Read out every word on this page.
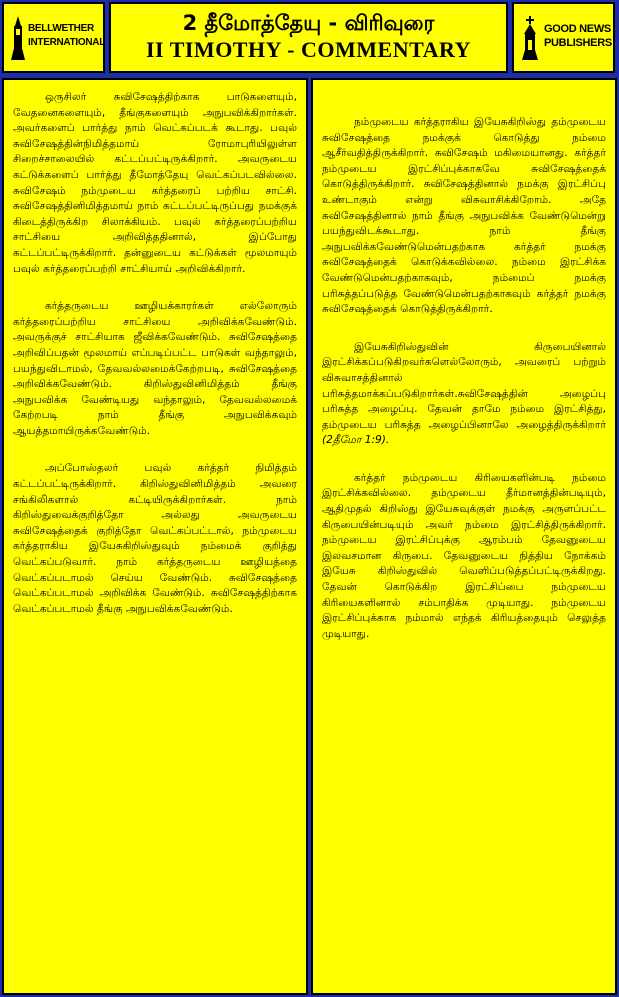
BELLWETHER
INTERNATIONAL
2 தீமோத்தேயு - விரிவுரை
II TIMOTHY - COMMENTARY
GOOD NEWS
PUBLISHERS

ஒருசிலர் சுவிசேஷத்திற்காக பாடுகளையும், வேதனைகளையும், தீங்குகளையும் அநுபவிக்கிறார்கள். அவர்களைப் பார்த்து நாம் வெட்கப்படக் கூடாது. பவுல் சுவிசேஷத்தின்நிமித்தமாய் ரோமாபுரியிலுள்ள சிறைச்சாலையில் கட்டப்பட்டிருக்கிறார். அவருடைய கட்டுக்களைப் பார்த்து தீமோத்தேயு வெட்கப்படவில்லை. சுவிசேஷம் நம்முடைய கர்த்தரைப் பற்றிய சாட்சி. சுவிசேஷத்தினிமித்தமாய் நாம் கட்டப்பட்டிருப்பது நமக்குக் கிடைத்திருக்கிற சிலாக்கியம். பவுல் கர்த்தரைப்பற்றிய சாட்சியை அறிவித்ததினால், இப்போது கட்டப்பட்டிருக்கிறார். தன்னுடைய கட்டுக்கள் மூலமாயும் பவுல் கர்த்தரைப்பற்றி சாட்சியாய் அறிவிக்கிறார்.

கர்த்தருடைய ஊழியக்காரர்கள் எல்லோரும் கர்த்தரைப்பற்றிய சாட்சியை அறிவிக்கவேண்டும். அவருக்குச் சாட்சியாக ஜீவிக்கவேண்டும். சுவிசேஷத்தை அறிவிப்பதன் மூலமாய் எப்படிப்பட்ட பாடுகள் வந்தாலும், பயந்துவிடாமல், தேவவல்லமைக்கேற்றபடி, சுவிசேஷத்தை அறிவிக்கவேண்டும். கிறிஸ்துவினிமித்தம் தீங்கு அநுபவிக்க வேண்டியது வந்தாலும், தேவவல்லமைக் கேற்றபடி நாம் தீங்கு அநுபவிக்கவும் ஆயத்தமாயிருக்கவேண்டும்.

அப்போஸ்தலர் பவுல் கர்த்தர் நிமித்தம் கட்டப்பட்டிருக்கிறார். கிறிஸ்துவினிமித்தம் அவரை சங்கிலிகளால் கட்டியிருக்கிறார்கள். நாம் கிறிஸ்துவைக்குறித்தோ அல்லது அவருடைய சுவிசேஷத்தைக் குறித்தோ வெட்கப்பட்டால், நம்முடைய கர்த்தராகிய இயேசுகிறிஸ்துவும் நம்மைக் குறித்து வெட்கப்படுவார். நாம் கர்த்தருடைய ஊழியத்தை வெட்கப்படாமல் செய்ய வேண்டும். சுவிசேஷத்தை வெட்கப்படாமல் அறிவிக்க வேண்டும். சுவிசேஷத்திற்காக வெட்கப்படாமல் தீங்கு அநுபவிக்கவேண்டும்.

நம்முடைய கர்த்தராகிய இயேசுகிறிஸ்து தம்முடைய சுவிசேஷத்தை நமக்குக் கொடுத்து நம்மை ஆசீர்வதித்திருக்கிறார். சுவிசேஷம் மகிமையானது. கர்த்தர் நம்முடைய இரட்சிப்புக்காகவே சுவிசேஷத்தைக் கொடுத்திருக்கிறார். சுவிசேஷத்தினால் நமக்கு இரட்சிப்பு உண்டாகும் என்று விசுவாசிக்கிறோம். அதே சுவிசேஷத்தினால் நாம் தீங்கு அநுபவிக்க வேண்டுமென்று பயந்துவிடக்கூடாது. நாம் தீங்கு அநுபவிக்கவேண்டுமென்பதற்காக கர்த்தர் நமக்கு சுவிசேஷத்தைக் கொடுக்கவில்லை. நம்மை இரட்சிக்க வேண்டுமென்பதற்காகவும், நம்மைப் நமக்கு பரிசுத்தப்படுத்த வேண்டுமென்பதற்காகவும் கர்த்தர் நமக்கு சுவிசேஷத்தைக் கொடுத்திருக்கிறார்.

இயேசுகிறிஸ்துவின் கிருபையினால் இரட்சிக்கப்படுகிறவர்களெல்லோரும், அவரைப் பற்றும் விசுவாசத்தினால் பரிசுத்தமாக்கப்படுகிறார்கள்.சுவிசேஷத்தின் அழைப்பு பரிசுத்த அழைப்பு. தேவன் தாமே நம்மை இரட்சித்து, தம்முடைய பரிசுத்த அழைப்பினாலே அழைத்திருக்கிறார் (2தீமோ 1:9).

கர்த்தர் நம்முடைய கிரியைகளின்படி நம்மை இரட்சிக்கவில்லை. தம்முடைய தீர்மானத்தின்படியும், ஆதிமுதல் கிறிஸ்து இயேசுவுக்குள் நமக்கு அருளப்பட்ட கிருபையின்படியும் அவர் நம்மை இரட்சித்திருக்கிறார். நம்முடைய இரட்சிப்புக்கு ஆரம்பம் தேவனுடைய இலவசமான கிருபை. தேவனுடைய நித்திய நோக்கம் இயேசு கிறிஸ்துவில் வெளிப்படுத்தப்பட்டிருக்கிறது. தேவன் கொடுக்கிற இரட்சிப்பை நம்முடைய கிரியைகளினால் சம்பாதிக்க முடியாது. நம்முடைய இரட்சிப்புக்காக நம்மால் எந்தக் கிரியத்தையும் செலுத்த முடியாது.
